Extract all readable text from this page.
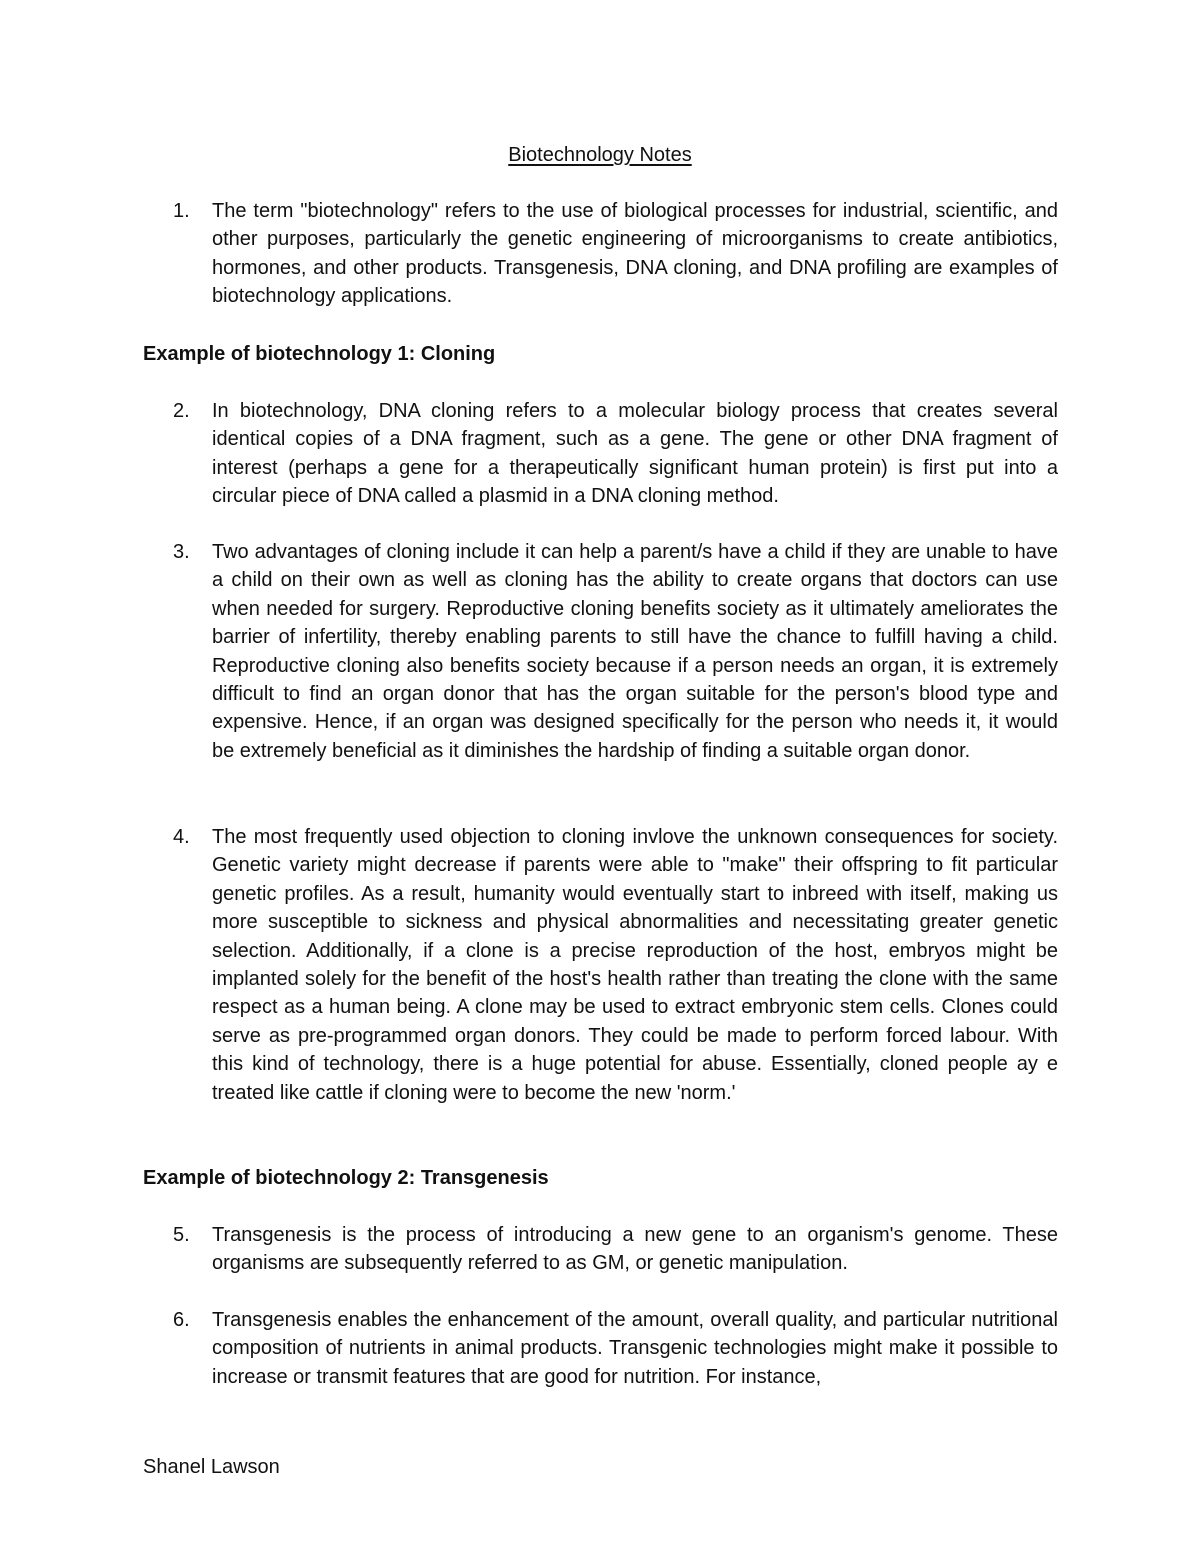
Biotechnology Notes
1.	The term "biotechnology" refers to the use of biological processes for industrial, scientific, and other purposes, particularly the genetic engineering of microorganisms to create antibiotics, hormones, and other products. Transgenesis, DNA cloning, and DNA profiling are examples of biotechnology applications.
Example of biotechnology 1: Cloning
2.	In biotechnology, DNA cloning refers to a molecular biology process that creates several identical copies of a DNA fragment, such as a gene. The gene or other DNA fragment of interest (perhaps a gene for a therapeutically significant human protein) is first put into a circular piece of DNA called a plasmid in a DNA cloning method.
3.	Two advantages of cloning include it can help a parent/s have a child if they are unable to have a child on their own as well as cloning has the ability to create organs that doctors can use when needed for surgery. Reproductive cloning benefits society as it ultimately ameliorates the barrier of infertility, thereby enabling parents to still have the chance to fulfill having a child. Reproductive cloning also benefits society because if a person needs an organ, it is extremely difficult to find an organ donor that has the organ suitable for the person's blood type and expensive. Hence, if an organ was designed specifically for the person who needs it, it would be extremely beneficial as it diminishes the hardship of finding a suitable organ donor.
4.	The most frequently used objection to cloning invlove the unknown consequences for society. Genetic variety might decrease if parents were able to "make" their offspring to fit particular genetic profiles. As a result, humanity would eventually start to inbreed with itself, making us more susceptible to sickness and physical abnormalities and necessitating greater genetic selection. Additionally, if a clone is a precise reproduction of the host, embryos might be implanted solely for the benefit of the host's health rather than treating the clone with the same respect as a human being. A clone may be used to extract embryonic stem cells. Clones could serve as pre-programmed organ donors. They could be made to perform forced labour. With this kind of technology, there is a huge potential for abuse. Essentially, cloned people ay e treated like cattle if cloning were to become the new 'norm.'
Example of biotechnology 2: Transgenesis
5.	Transgenesis is the process of introducing a new gene to an organism's genome. These organisms are subsequently referred to as GM, or genetic manipulation.
6.	Transgenesis enables the enhancement of the amount, overall quality, and particular nutritional composition of nutrients in animal products. Transgenic technologies might make it possible to increase or transmit features that are good for nutrition. For instance,
Shanel Lawson
